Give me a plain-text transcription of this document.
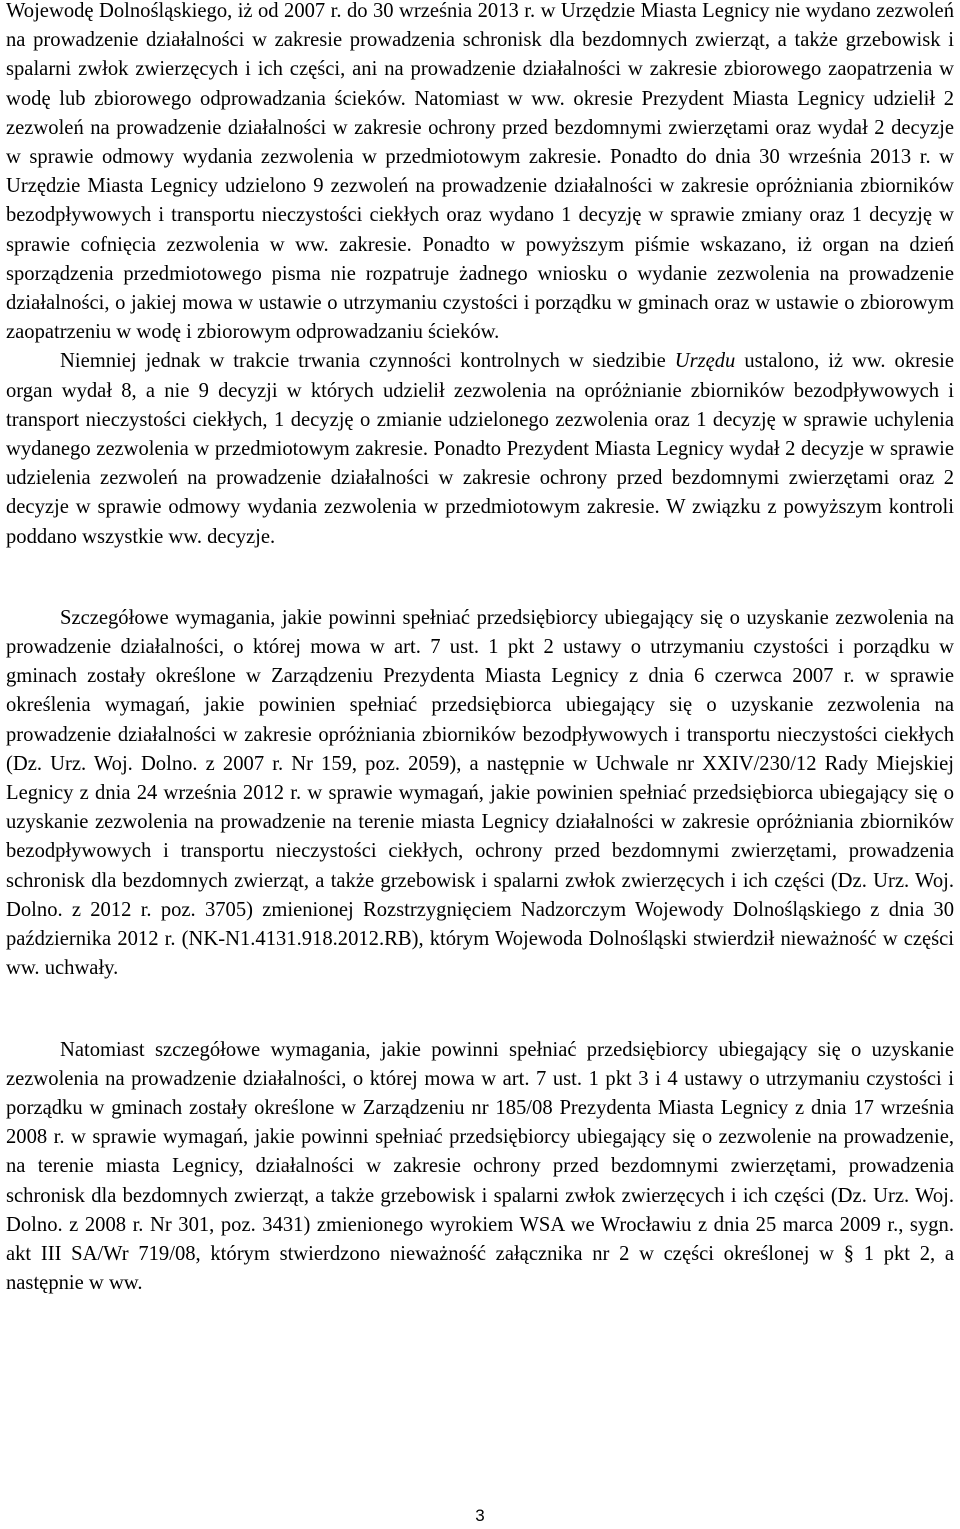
Wojewodę Dolnośląskiego, iż od 2007 r. do 30 września 2013 r. w Urzędzie Miasta Legnicy nie wydano zezwoleń na prowadzenie działalności w zakresie prowadzenia schronisk dla bezdomnych zwierząt, a także grzebowisk i spalarni zwłok zwierzęcych i ich części, ani na prowadzenie działalności w zakresie zbiorowego zaopatrzenia w wodę lub zbiorowego odprowadzania ścieków. Natomiast w ww. okresie Prezydent Miasta Legnicy udzielił 2 zezwoleń na prowadzenie działalności w zakresie ochrony przed bezdomnymi zwierzętami oraz wydał 2 decyzje w sprawie odmowy wydania zezwolenia w przedmiotowym zakresie. Ponadto do dnia 30 września 2013 r. w Urzędzie Miasta Legnicy udzielono 9 zezwoleń na prowadzenie działalności w zakresie opróżniania zbiorników bezodpływowych i transportu nieczystości ciekłych oraz wydano 1 decyzję w sprawie zmiany oraz 1 decyzję w sprawie cofnięcia zezwolenia w ww. zakresie. Ponadto w powyższym piśmie wskazano, iż organ na dzień sporządzenia przedmiotowego pisma nie rozpatruje żadnego wniosku o wydanie zezwolenia na prowadzenie działalności, o jakiej mowa w ustawie o utrzymaniu czystości i porządku w gminach oraz w ustawie o zbiorowym zaopatrzeniu w wodę i zbiorowym odprowadzaniu ścieków.

Niemniej jednak w trakcie trwania czynności kontrolnych w siedzibie Urzędu ustalono, iż ww. okresie organ wydał 8, a nie 9 decyzji w których udzielił zezwolenia na opróżnianie zbiorników bezodpływowych i transport nieczystości ciekłych, 1 decyzję o zmianie udzielonego zezwolenia oraz 1 decyzję w sprawie uchylenia wydanego zezwolenia w przedmiotowym zakresie. Ponadto Prezydent Miasta Legnicy wydał 2 decyzje w sprawie udzielenia zezwoleń na prowadzenie działalności w zakresie ochrony przed bezdomnymi zwierzętami oraz 2 decyzje w sprawie odmowy wydania zezwolenia w przedmiotowym zakresie. W związku z powyższym kontroli poddano wszystkie ww. decyzje.

Szczegółowe wymagania, jakie powinni spełniać przedsiębiorcy ubiegający się o uzyskanie zezwolenia na prowadzenie działalności, o której mowa w art. 7 ust. 1 pkt 2 ustawy o utrzymaniu czystości i porządku w gminach zostały określone w Zarządzeniu Prezydenta Miasta Legnicy z dnia 6 czerwca 2007 r. w sprawie określenia wymagań, jakie powinien spełniać przedsiębiorca ubiegający się o uzyskanie zezwolenia na prowadzenie działalności w zakresie opróżniania zbiorników bezodpływowych i transportu nieczystości ciekłych (Dz. Urz. Woj. Dolno. z 2007 r. Nr 159, poz. 2059), a następnie w Uchwale nr XXIV/230/12 Rady Miejskiej Legnicy z dnia 24 września 2012 r. w sprawie wymagań, jakie powinien spełniać przedsiębiorca ubiegający się o uzyskanie zezwolenia na prowadzenie na terenie miasta Legnicy działalności w zakresie opróżniania zbiorników bezodpływowych i transportu nieczystości ciekłych, ochrony przed bezdomnymi zwierzętami, prowadzenia schronisk dla bezdomnych zwierząt, a także grzebowisk i spalarni zwłok zwierzęcych i ich części (Dz. Urz. Woj. Dolno. z 2012 r. poz. 3705) zmienionej Rozstrzygnięciem Nadzorczym Wojewody Dolnośląskiego z dnia 30 października 2012 r. (NK-N1.4131.918.2012.RB), którym Wojewoda Dolnośląski stwierdził nieważność w części ww. uchwały.

Natomiast szczegółowe wymagania, jakie powinni spełniać przedsiębiorcy ubiegający się o uzyskanie zezwolenia na prowadzenie działalności, o której mowa w art. 7 ust. 1 pkt 3 i 4 ustawy o utrzymaniu czystości i porządku w gminach zostały określone w Zarządzeniu nr 185/08 Prezydenta Miasta Legnicy z dnia 17 września 2008 r. w sprawie wymagań, jakie powinni spełniać przedsiębiorcy ubiegający się o zezwolenie na prowadzenie, na terenie miasta Legnicy, działalności w zakresie ochrony przed bezdomnymi zwierzętami, prowadzenia schronisk dla bezdomnych zwierząt, a także grzebowisk i spalarni zwłok zwierzęcych i ich części (Dz. Urz. Woj. Dolno. z 2008 r. Nr 301, poz. 3431) zmienionego wyrokiem WSA we Wrocławiu z dnia 25 marca 2009 r., sygn. akt III SA/Wr 719/08, którym stwierdzono nieważność załącznika nr 2 w części określonej w § 1 pkt 2, a następnie w ww.

3
